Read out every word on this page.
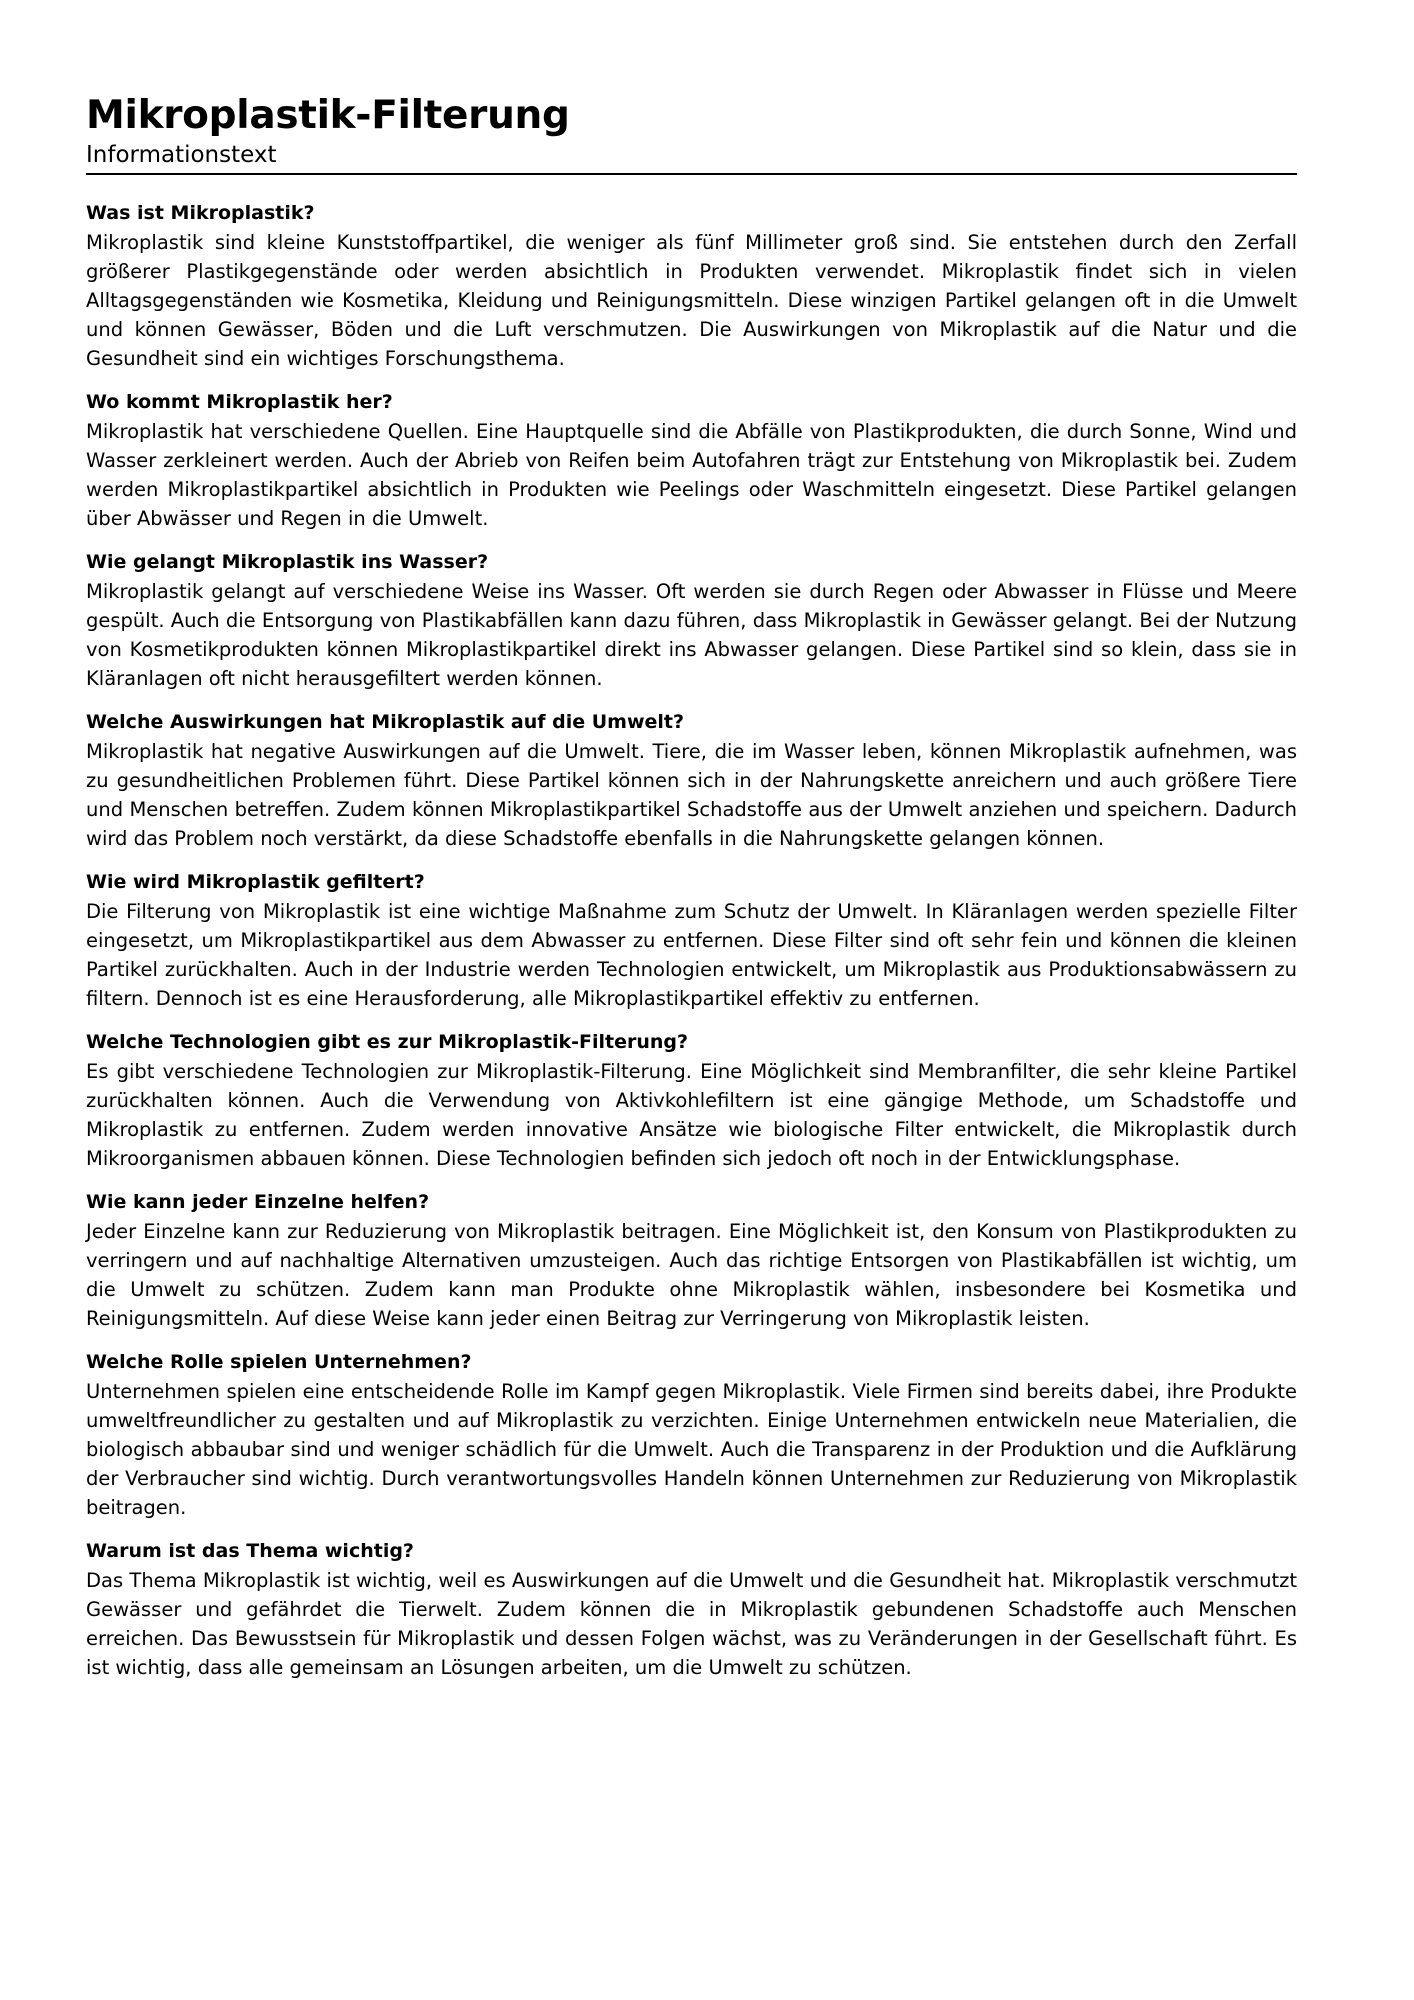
Mikroplastik-Filterung

Informationstext

Was ist Mikroplastik?

Mikroplastik sind kleine Kunststoffpartikel, die weniger als fünf Millimeter groß sind. Sie entstehen durch den Zerfall größerer Plastikgegenstände oder werden absichtlich in Produkten verwendet. Mikroplastik findet sich in vielen Alltagsgegenständen wie Kosmetika, Kleidung und Reinigungsmitteln. Diese winzigen Partikel gelangen oft in die Umwelt und können Gewässer, Böden und die Luft verschmutzen. Die Auswirkungen von Mikroplastik auf die Natur und die Gesundheit sind ein wichtiges Forschungsthema.

Wo kommt Mikroplastik her?

Mikroplastik hat verschiedene Quellen. Eine Hauptquelle sind die Abfälle von Plastikprodukten, die durch Sonne, Wind und Wasser zerkleinert werden. Auch der Abrieb von Reifen beim Autofahren trägt zur Entstehung von Mikroplastik bei. Zudem werden Mikroplastikpartikel absichtlich in Produkten wie Peelings oder Waschmitteln eingesetzt. Diese Partikel gelangen über Abwässer und Regen in die Umwelt.

Wie gelangt Mikroplastik ins Wasser?

Mikroplastik gelangt auf verschiedene Weise ins Wasser. Oft werden sie durch Regen oder Abwasser in Flüsse und Meere gespült. Auch die Entsorgung von Plastikabfällen kann dazu führen, dass Mikroplastik in Gewässer gelangt. Bei der Nutzung von Kosmetikprodukten können Mikroplastikpartikel direkt ins Abwasser gelangen. Diese Partikel sind so klein, dass sie in Kläranlagen oft nicht herausgefiltert werden können.

Welche Auswirkungen hat Mikroplastik auf die Umwelt?

Mikroplastik hat negative Auswirkungen auf die Umwelt. Tiere, die im Wasser leben, können Mikroplastik aufnehmen, was zu gesundheitlichen Problemen führt. Diese Partikel können sich in der Nahrungskette anreichern und auch größere Tiere und Menschen betreffen. Zudem können Mikroplastikpartikel Schadstoffe aus der Umwelt anziehen und speichern. Dadurch wird das Problem noch verstärkt, da diese Schadstoffe ebenfalls in die Nahrungskette gelangen können.

Wie wird Mikroplastik gefiltert?

Die Filterung von Mikroplastik ist eine wichtige Maßnahme zum Schutz der Umwelt. In Kläranlagen werden spezielle Filter eingesetzt, um Mikroplastikpartikel aus dem Abwasser zu entfernen. Diese Filter sind oft sehr fein und können die kleinen Partikel zurückhalten. Auch in der Industrie werden Technologien entwickelt, um Mikroplastik aus Produktionsabwässern zu filtern. Dennoch ist es eine Herausforderung, alle Mikroplastikpartikel effektiv zu entfernen.

Welche Technologien gibt es zur Mikroplastik-Filterung?

Es gibt verschiedene Technologien zur Mikroplastik-Filterung. Eine Möglichkeit sind Membranfilter, die sehr kleine Partikel zurückhalten können. Auch die Verwendung von Aktivkohlefiltern ist eine gängige Methode, um Schadstoffe und Mikroplastik zu entfernen. Zudem werden innovative Ansätze wie biologische Filter entwickelt, die Mikroplastik durch Mikroorganismen abbauen können. Diese Technologien befinden sich jedoch oft noch in der Entwicklungsphase.

Wie kann jeder Einzelne helfen?

Jeder Einzelne kann zur Reduzierung von Mikroplastik beitragen. Eine Möglichkeit ist, den Konsum von Plastikprodukten zu verringern und auf nachhaltige Alternativen umzusteigen. Auch das richtige Entsorgen von Plastikabfällen ist wichtig, um die Umwelt zu schützen. Zudem kann man Produkte ohne Mikroplastik wählen, insbesondere bei Kosmetika und Reinigungsmitteln. Auf diese Weise kann jeder einen Beitrag zur Verringerung von Mikroplastik leisten.

Welche Rolle spielen Unternehmen?

Unternehmen spielen eine entscheidende Rolle im Kampf gegen Mikroplastik. Viele Firmen sind bereits dabei, ihre Produkte umweltfreundlicher zu gestalten und auf Mikroplastik zu verzichten. Einige Unternehmen entwickeln neue Materialien, die biologisch abbaubar sind und weniger schädlich für die Umwelt. Auch die Transparenz in der Produktion und die Aufklärung der Verbraucher sind wichtig. Durch verantwortungsvolles Handeln können Unternehmen zur Reduzierung von Mikroplastik beitragen.

Warum ist das Thema wichtig?

Das Thema Mikroplastik ist wichtig, weil es Auswirkungen auf die Umwelt und die Gesundheit hat. Mikroplastik verschmutzt Gewässer und gefährdet die Tierwelt. Zudem können die in Mikroplastik gebundenen Schadstoffe auch Menschen erreichen. Das Bewusstsein für Mikroplastik und dessen Folgen wächst, was zu Veränderungen in der Gesellschaft führt. Es ist wichtig, dass alle gemeinsam an Lösungen arbeiten, um die Umwelt zu schützen.
